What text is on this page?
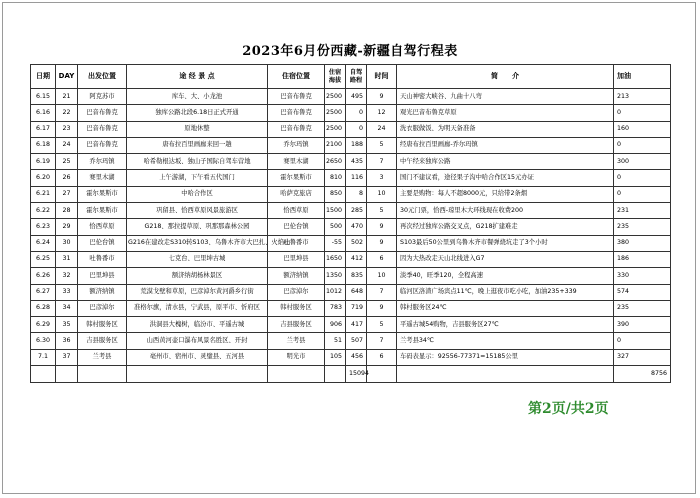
2023年6月份西藏-新疆自驾行程表
日期	DAY	出发位置	途 经 景 点	住宿位置	住宿海拔	自驾路程	时间	简　　介	加油
6.15	21	阿克苏市	库车、大、小龙池	巴音布鲁克	2500	495	9	天山神密大峡谷、九曲十八弯	213
6.16	22	巴音布鲁克	独库公路北段6.18日正式开通	巴音布鲁克	2500	0	12	观光巴音布鲁克草原	0
6.17	23	巴音布鲁克	原地休整	巴音布鲁克	2500	0	24	洗衣服做饭、为明天备准备	160
6.18	24	巴音布鲁克	唐布拉百里画廊来回一趟	乔尔玛镇	2100	188	5	经唐布拉百里画廊-乔尔玛镇	0
6.19	25	乔尔玛镇	哈希勒根达坂、独山子国际自驾车营地	赛里木湖	2650	435	7	中午经来独库公路	300
6.20	26	赛里木湖	上午游湖，下午看五代国门	霍尔果斯市	810	116	3	国门不建议看，途径果子沟中哈合作区15元办证	0
6.21	27	霍尔果斯市	中哈合作区	哈萨克旅店	850	8	10	主要是购物：每人不超8000元，只给带2条烟	0
6.22	28	霍尔果斯市	巩留县、恰西草原风景旅游区	恰西草原	1500	285	5	30元门票，恰西-琼里木大环线现在收费200	231
6.23	29	恰西草原	G218、那拉提草原、巩那那森林公园	巴伦台镇	500	470	9	再次经过独库公路交叉点，G218扩建难走	235
6.24	30	巴伦台镇	G216在建改走S310转S103、乌鲁木齐市大巴扎、火焰山	吐鲁番市	-55	502	9	S103最后50公里到乌鲁木齐市餐弹烧坑走了3个小时	380
6.25	31	吐鲁番市	七克台、巴里坤古城	巴里坤县	1650	412	6	因为大热改走天山北线进入G7	186
6.26	32	巴里坤县	额济纳胡杨林景区	额济纳镇	1350	835	10	淡季40，旺季120，全程高速	330
6.27	33	额济纳镇	荒漠戈壁和草原，巴彦淖尔黄河爵乡行街	巴彦淖尔	1012	648	7	临河区洛渣广场宾点11℃，晚上逛夜市吃小吃，加油235+339	574
6.28	34	巴彦淖尔	准格尔旗，清水县，宁武县，原平市、忻府区	韩村服务区	783	719	9	韩村服务区24℃	235
6.29	35	韩村服务区	洪洞县大槐树，临汾市、平遥古城	吉县服务区	906	417	5	平遥古城54购物，吉县服务区27℃	390
6.30	36	吉县服务区	山西黄河壶口瀑布风景名胜区、开封	兰考县	51	507	7	兰考县34℃	0
7.1	37	兰考县	亳州市、宿州市、灵璧县、五河县	明光市	105	456	6	车码表显示：92556-77371=15185公里	327
						15094			8756
第2页/共2页
